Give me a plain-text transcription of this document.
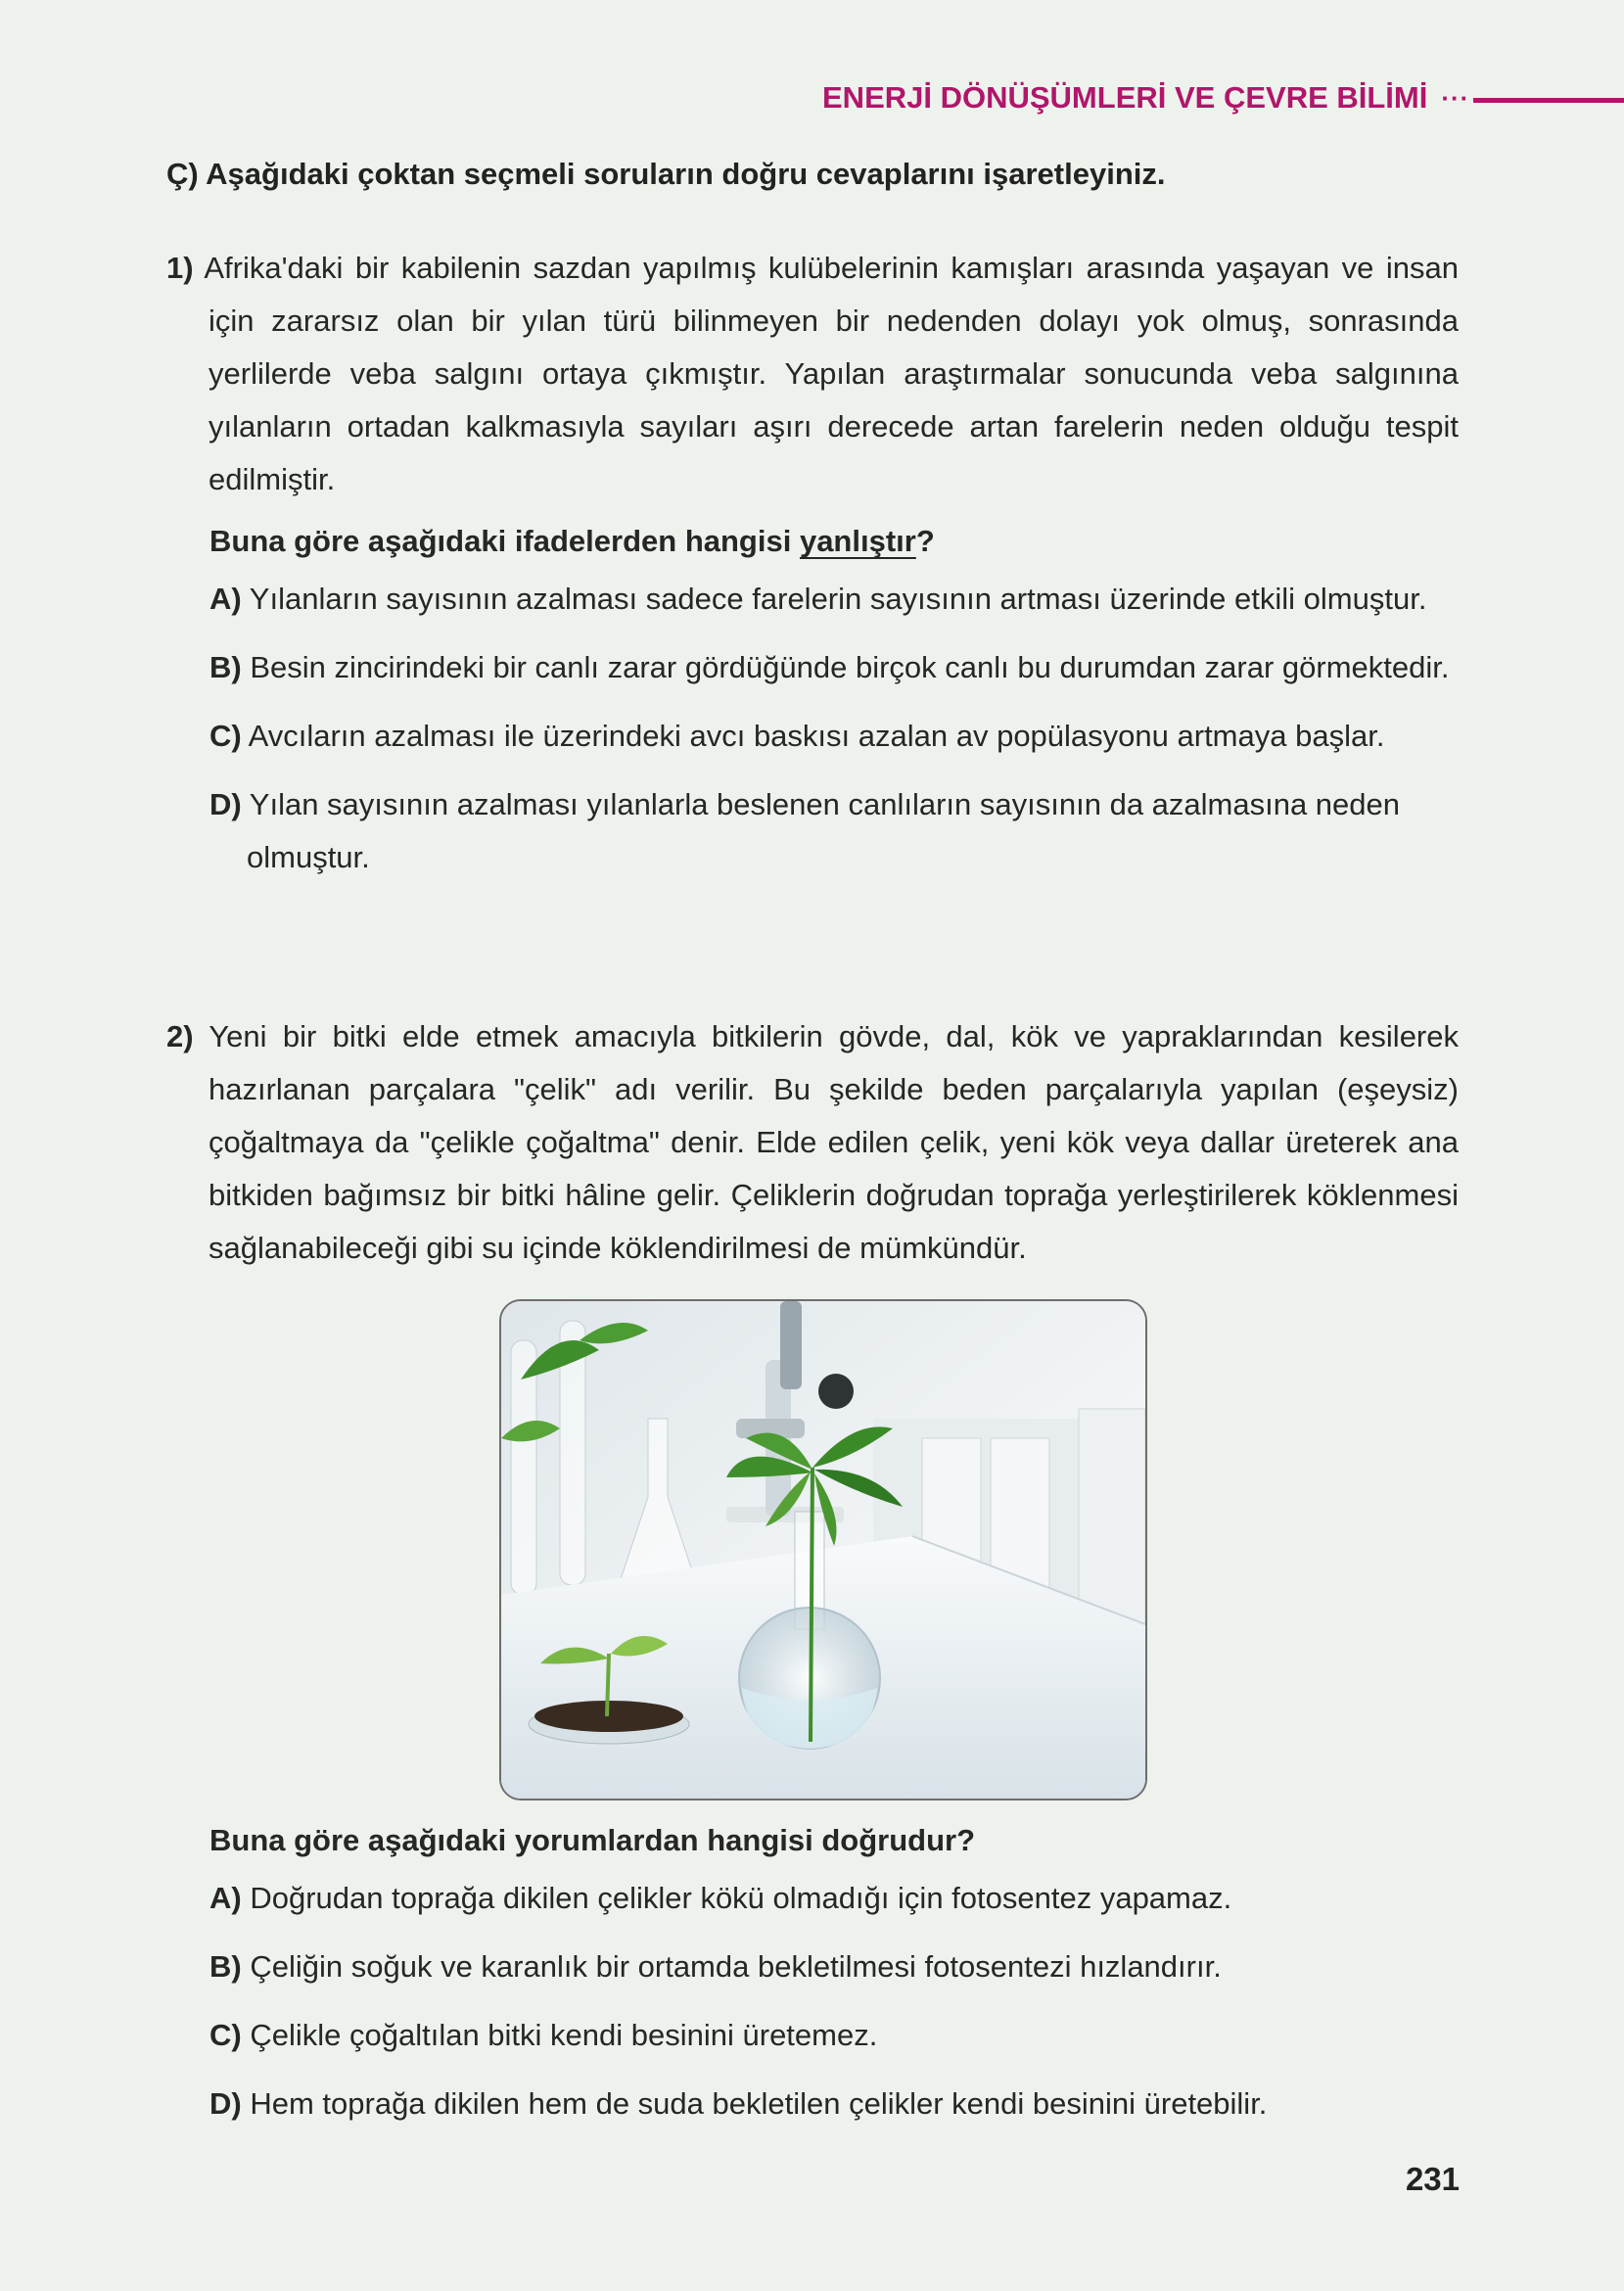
ENERJİ DÖNÜŞÜMLERİ VE ÇEVRE BİLİMİ ···
Ç) Aşağıdaki çoktan seçmeli soruların doğru cevaplarını işaretleyiniz.
1) Afrika'daki bir kabilenin sazdan yapılmış kulübelerinin kamışları arasında yaşayan ve insan için zararsız olan bir yılan türü bilinmeyen bir nedenden dolayı yok olmuş, sonrasında yerlilerde veba salgını ortaya çıkmıştır. Yapılan araştırmalar sonucunda veba salgınına yılanların ortadan kalkmasıyla sayıları aşırı derecede artan farelerin neden olduğu tespit edilmiştir.
Buna göre aşağıdaki ifadelerden hangisi yanlıştır?
A) Yılanların sayısının azalması sadece farelerin sayısının artması üzerinde etkili olmuştur.
B) Besin zincirindeki bir canlı zarar gördüğünde birçok canlı bu durumdan zarar görmektedir.
C) Avcıların azalması ile üzerindeki avcı baskısı azalan av popülasyonu artmaya başlar.
D) Yılan sayısının azalması yılanlarla beslenen canlıların sayısının da azalmasına neden olmuştur.
2) Yeni bir bitki elde etmek amacıyla bitkilerin gövde, dal, kök ve yapraklarından kesilerek hazırlanan parçalara "çelik" adı verilir. Bu şekilde beden parçalarıyla yapılan (eşeysiz) çoğaltmaya da "çelikle çoğaltma" denir. Elde edilen çelik, yeni kök veya dallar üreterek ana bitkiden bağımsız bir bitki hâline gelir. Çeliklerin doğrudan toprağa yerleştirilerek köklenmesi sağlanabileceği gibi su içinde köklendirilmesi de mümkündür.
Buna göre aşağıdaki yorumlardan hangisi doğrudur?
A) Doğrudan toprağa dikilen çelikler kökü olmadığı için fotosentez yapamaz.
B) Çeliğin soğuk ve karanlık bir ortamda bekletilmesi fotosentezi hızlandırır.
C) Çelikle çoğaltılan bitki kendi besinini üretemez.
D) Hem toprağa dikilen hem de suda bekletilen çelikler kendi besinini üretebilir.
231
